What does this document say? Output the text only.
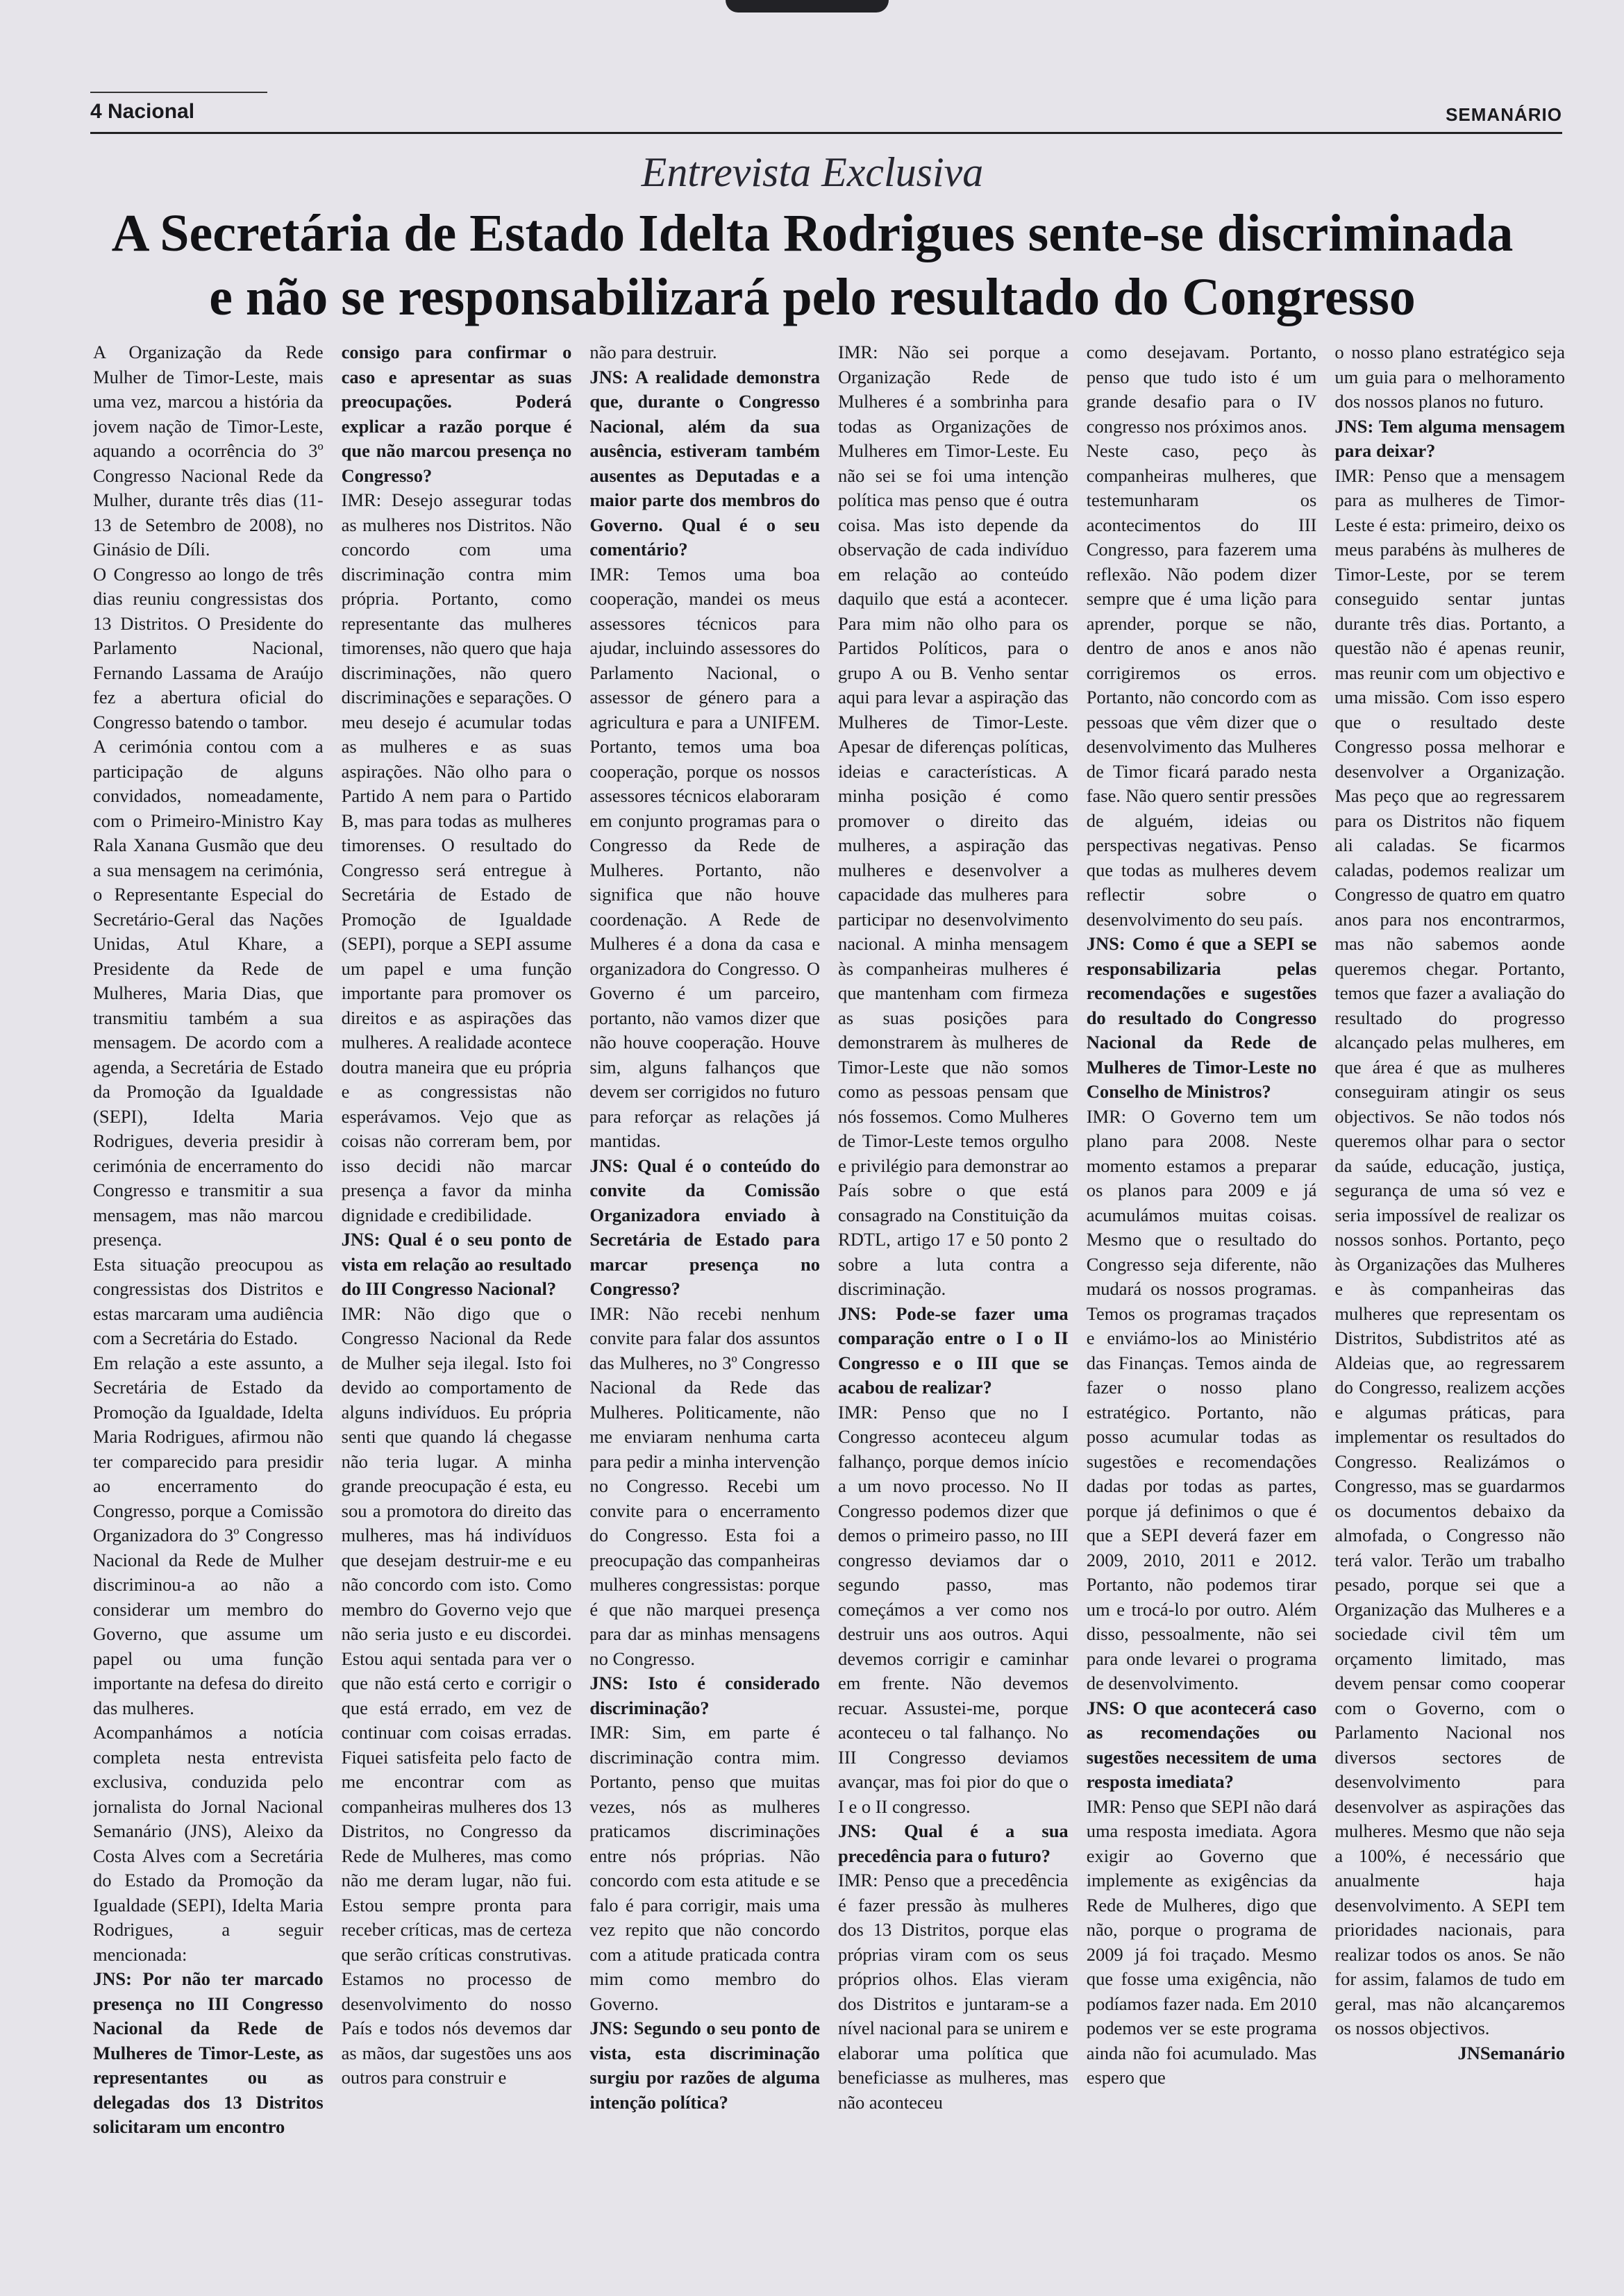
4 Nacional	SEMANÁRIO
Entrevista Exclusiva
A Secretária de Estado Idelta Rodrigues sente-se discriminada
e não se responsabilizará pelo resultado do Congresso

A Organização da Rede Mulher de Timor-Leste, mais uma vez, marcou a história da jovem nação de Timor-Leste, aquando a ocorrência do 3º Congresso Nacional Rede da Mulher, durante três dias (11-13 de Setembro de 2008), no Ginásio de Díli.

O Congresso ao longo de três dias reuniu congressistas dos 13 Distritos. O Presidente do Parlamento Nacional, Fernando Lassama de Araújo fez a abertura oficial do Congresso batendo o tambor.

A cerimónia contou com a participação de alguns convidados, nomeadamente, com o Primeiro-Ministro Kay Rala Xanana Gusmão que deu a sua mensagem na cerimónia, o Representante Especial do Secretário-Geral das Nações Unidas, Atul Khare, a Presidente da Rede de Mulheres, Maria Dias, que transmitiu também a sua mensagem. De acordo com a agenda, a Secretária de Estado da Promoção da Igualdade (SEPI), Idelta Maria Rodrigues, deveria presidir à cerimónia de encerramento do Congresso e transmitir a sua mensagem, mas não marcou presença.

Esta situação preocupou as congressistas dos Distritos e estas marcaram uma audiência com a Secretária do Estado.

Em relação a este assunto, a Secretária de Estado da Promoção da Igualdade, Idelta Maria Rodrigues, afirmou não ter comparecido para presidir ao encerramento do Congresso, porque a Comissão Organizadora do 3º Congresso Nacional da Rede de Mulher discriminou-a ao não a considerar um membro do Governo, que assume um papel ou uma função importante na defesa do direito das mulheres.

Acompanhámos a notícia completa nesta entrevista exclusiva, conduzida pelo jornalista do Jornal Nacional Semanário (JNS), Aleixo da Costa Alves com a Secretária do Estado da Promoção da Igualdade (SEPI), Idelta Maria Rodrigues, a seguir mencionada:

JNS: Por não ter marcado presença no III Congresso Nacional da Rede de Mulheres de Timor-Leste, as representantes ou as delegadas dos 13 Distritos solicitaram um encontro

consigo para confirmar o caso e apresentar as suas preocupações. Poderá explicar a razão porque é que não marcou presença no Congresso?

IMR: Desejo assegurar todas as mulheres nos Distritos. Não concordo com uma discriminação contra mim própria. Portanto, como representante das mulheres timorenses, não quero que haja discriminações, não quero discriminações e separações. O meu desejo é acumular todas as mulheres e as suas aspirações. Não olho para o Partido A nem para o Partido B, mas para todas as mulheres timorenses. O resultado do Congresso será entregue à Secretária de Estado de Promoção de Igualdade (SEPI), porque a SEPI assume um papel e uma função importante para promover os direitos e as aspirações das mulheres. A realidade acontece doutra maneira que eu própria e as congressistas não esperávamos. Vejo que as coisas não correram bem, por isso decidi não marcar presença a favor da minha dignidade e credibilidade.

JNS: Qual é o seu ponto de vista em relação ao resultado do III Congresso Nacional?

IMR: Não digo que o Congresso Nacional da Rede de Mulher seja ilegal. Isto foi devido ao comportamento de alguns indivíduos. Eu própria senti que quando lá chegasse não teria lugar. A minha grande preocupação é esta, eu sou a promotora do direito das mulheres, mas há indivíduos que desejam destruir-me e eu não concordo com isto. Como membro do Governo vejo que não seria justo e eu discordei. Estou aqui sentada para ver o que não está certo e corrigir o que está errado, em vez de continuar com coisas erradas. Fiquei satisfeita pelo facto de me encontrar com as companheiras mulheres dos 13 Distritos, no Congresso da Rede de Mulheres, mas como não me deram lugar, não fui. Estou sempre pronta para receber críticas, mas de certeza que serão críticas construtivas. Estamos no processo de desenvolvimento do nosso País e todos nós devemos dar as mãos, dar sugestões uns aos outros para construir e

não para destruir.

JNS: A realidade demonstra que, durante o Congresso Nacional, além da sua ausência, estiveram também ausentes as Deputadas e a maior parte dos membros do Governo. Qual é o seu comentário?

IMR: Temos uma boa cooperação, mandei os meus assessores técnicos para ajudar, incluindo assessores do Parlamento Nacional, o assessor de género para a agricultura e para a UNIFEM. Portanto, temos uma boa cooperação, porque os nossos assessores técnicos elaboraram em conjunto programas para o Congresso da Rede de Mulheres. Portanto, não significa que não houve coordenação. A Rede de Mulheres é a dona da casa e organizadora do Congresso. O Governo é um parceiro, portanto, não vamos dizer que não houve cooperação. Houve sim, alguns falhanços que devem ser corrigidos no futuro para reforçar as relações já mantidas.

JNS: Qual é o conteúdo do convite da Comissão Organizadora enviado à Secretária de Estado para marcar presença no Congresso?

IMR: Não recebi nenhum convite para falar dos assuntos das Mulheres, no 3º Congresso Nacional da Rede das Mulheres. Politicamente, não me enviaram nenhuma carta para pedir a minha intervenção no Congresso. Recebi um convite para o encerramento do Congresso. Esta foi a preocupação das companheiras mulheres congressistas: porque é que não marquei presença para dar as minhas mensagens no Congresso.

JNS: Isto é considerado discriminação?

IMR: Sim, em parte é discriminação contra mim. Portanto, penso que muitas vezes, nós as mulheres praticamos discriminações entre nós próprias. Não concordo com esta atitude e se falo é para corrigir, mais uma vez repito que não concordo com a atitude praticada contra mim como membro do Governo.

JNS: Segundo o seu ponto de vista, esta discriminação surgiu por razões de alguma intenção política?

IMR: Não sei porque a Organização Rede de Mulheres é a sombrinha para todas as Organizações de Mulheres em Timor-Leste. Eu não sei se foi uma intenção política mas penso que é outra coisa. Mas isto depende da observação de cada indivíduo em relação ao conteúdo daquilo que está a acontecer. Para mim não olho para os Partidos Políticos, para o grupo A ou B. Venho sentar aqui para levar a aspiração das Mulheres de Timor-Leste. Apesar de diferenças políticas, ideias e características. A minha posição é como promover o direito das mulheres, a aspiração das mulheres e desenvolver a capacidade das mulheres para participar no desenvolvimento nacional. A minha mensagem às companheiras mulheres é que mantenham com firmeza as suas posições para demonstrarem às mulheres de Timor-Leste que não somos como as pessoas pensam que nós fossemos. Como Mulheres de Timor-Leste temos orgulho e privilégio para demonstrar ao País sobre o que está consagrado na Constituição da RDTL, artigo 17 e 50 ponto 2 sobre a luta contra a discriminação.

JNS: Pode-se fazer uma comparação entre o I o II Congresso e o III que se acabou de realizar?

IMR: Penso que no I Congresso aconteceu algum falhanço, porque demos início a um novo processo. No II Congresso podemos dizer que demos o primeiro passo, no III congresso deviamos dar o segundo passo, mas começámos a ver como nos destruir uns aos outros. Aqui devemos corrigir e caminhar em frente. Não devemos recuar. Assustei-me, porque aconteceu o tal falhanço. No III Congresso deviamos avançar, mas foi pior do que o I e o II congresso.

JNS: Qual é a sua precedência para o futuro?

IMR: Penso que a precedência é fazer pressão às mulheres dos 13 Distritos, porque elas próprias viram com os seus próprios olhos. Elas vieram dos Distritos e juntaram-se a nível nacional para se unirem e elaborar uma política que beneficiasse as mulheres, mas não aconteceu

como desejavam. Portanto, penso que tudo isto é um grande desafio para o IV congresso nos próximos anos.

Neste caso, peço às companheiras mulheres, que testemunharam os acontecimentos do III Congresso, para fazerem uma reflexão. Não podem dizer sempre que é uma lição para aprender, porque se não, dentro de anos e anos não corrigiremos os erros. Portanto, não concordo com as pessoas que vêm dizer que o desenvolvimento das Mulheres de Timor ficará parado nesta fase. Não quero sentir pressões de alguém, ideias ou perspectivas negativas. Penso que todas as mulheres devem reflectir sobre o desenvolvimento do seu país.

JNS: Como é que a SEPI se responsabilizaria pelas recomendações e sugestões do resultado do Congresso Nacional da Rede de Mulheres de Timor-Leste no Conselho de Ministros?

IMR: O Governo tem um plano para 2008. Neste momento estamos a preparar os planos para 2009 e já acumulámos muitas coisas. Mesmo que o resultado do Congresso seja diferente, não mudará os nossos programas. Temos os programas traçados e enviámo-los ao Ministério das Finanças. Temos ainda de fazer o nosso plano estratégico. Portanto, não posso acumular todas as sugestões e recomendações dadas por todas as partes, porque já definimos o que é que a SEPI deverá fazer em 2009, 2010, 2011 e 2012. Portanto, não podemos tirar um e trocá-lo por outro. Além disso, pessoalmente, não sei para onde levarei o programa de desenvolvimento.

JNS: O que acontecerá caso as recomendações ou sugestões necessitem de uma resposta imediata?

IMR: Penso que SEPI não dará uma resposta imediata. Agora exigir ao Governo que implemente as exigências da Rede de Mulheres, digo que não, porque o programa de 2009 já foi traçado. Mesmo que fosse uma exigência, não podíamos fazer nada. Em 2010 podemos ver se este programa ainda não foi acumulado. Mas espero que

o nosso plano estratégico seja um guia para o melhoramento dos nossos planos no futuro.

JNS: Tem alguma mensagem para deixar?

IMR: Penso que a mensagem para as mulheres de Timor-Leste é esta: primeiro, deixo os meus parabéns às mulheres de Timor-Leste, por se terem conseguido sentar juntas durante três dias. Portanto, a questão não é apenas reunir, mas reunir com um objectivo e uma missão. Com isso espero que o resultado deste Congresso possa melhorar e desenvolver a Organização. Mas peço que ao regressarem para os Distritos não fiquem ali caladas. Se ficarmos caladas, podemos realizar um Congresso de quatro em quatro anos para nos encontrarmos, mas não sabemos aonde queremos chegar. Portanto, temos que fazer a avaliação do resultado do progresso alcançado pelas mulheres, em que área é que as mulheres conseguiram atingir os seus objectivos. Se não todos nós queremos olhar para o sector da saúde, educação, justiça, segurança de uma só vez e seria impossível de realizar os nossos sonhos. Portanto, peço às Organizações das Mulheres e às companheiras das mulheres que representam os Distritos, Subdistritos até as Aldeias que, ao regressarem do Congresso, realizem acções e algumas práticas, para implementar os resultados do Congresso. Realizámos o Congresso, mas se guardarmos os documentos debaixo da almofada, o Congresso não terá valor. Terão um trabalho pesado, porque sei que a Organização das Mulheres e a sociedade civil têm um orçamento limitado, mas devem pensar como cooperar com o Governo, com o Parlamento Nacional nos diversos sectores de desenvolvimento para desenvolver as aspirações das mulheres. Mesmo que não seja a 100%, é necessário que anualmente haja desenvolvimento. A SEPI tem prioridades nacionais, para realizar todos os anos. Se não for assim, falamos de tudo em geral, mas não alcançaremos os nossos objectivos.

JNSemanário
